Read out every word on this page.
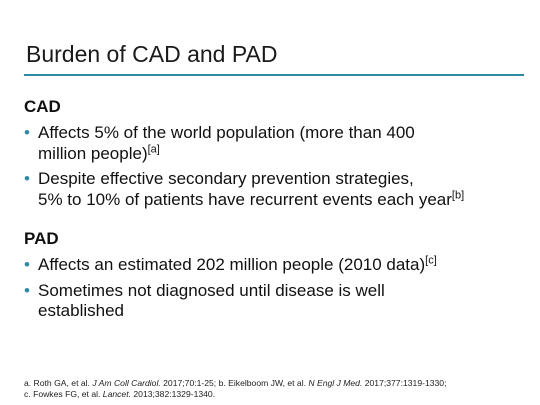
Burden of CAD and PAD
CAD
• Affects 5% of the world population (more than 400
million people)[a]
• Despite effective secondary prevention strategies,
5% to 10% of patients have recurrent events each year[b]
PAD
• Affects an estimated 202 million people (2010 data)[c]
• Sometimes not diagnosed until disease is well
established
a. Roth GA, et al. J Am Coll Cardiol. 2017;70:1-25; b. Eikelboom JW, et al. N Engl J Med. 2017;377:1319-1330;
c. Fowkes FG, et al. Lancet. 2013;382:1329-1340.
